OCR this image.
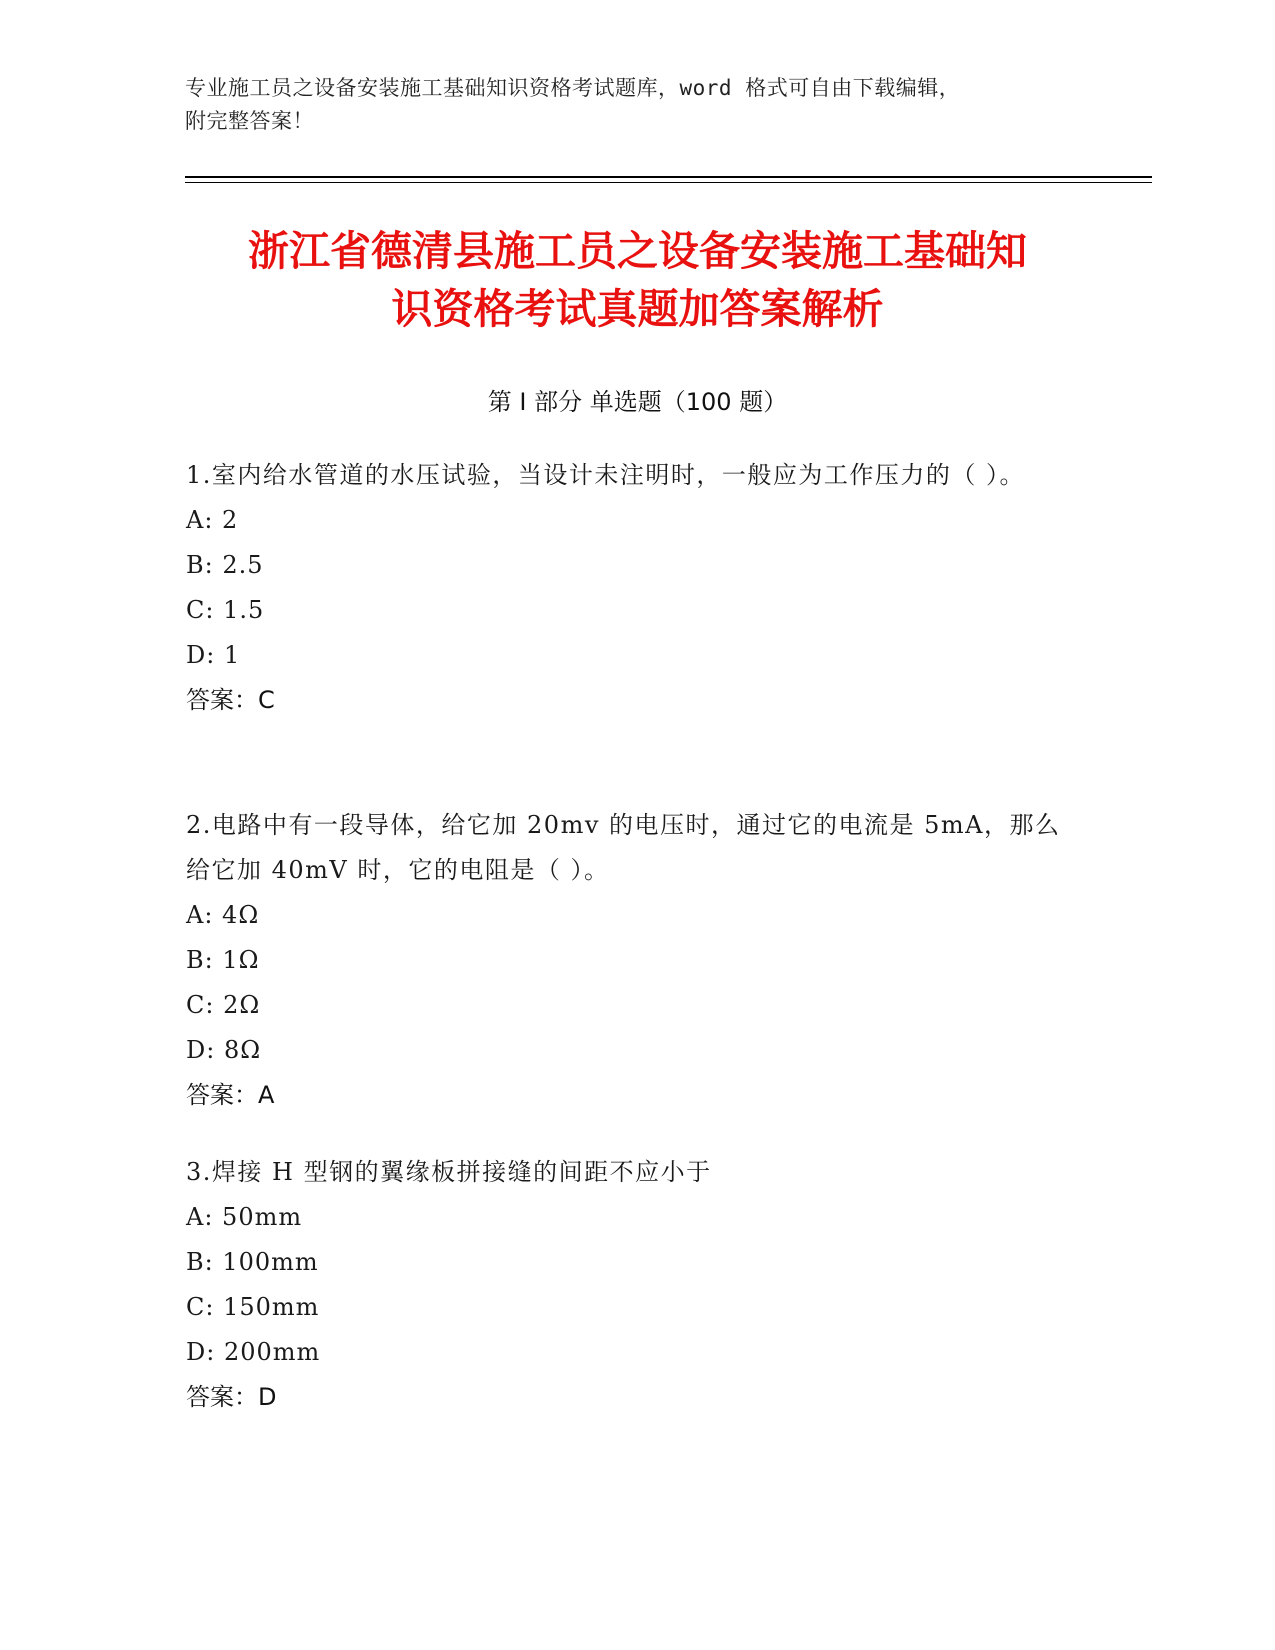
专业施工员之设备安装施工基础知识资格考试题库，word 格式可自由下载编辑，
附完整答案！
浙江省德清县施工员之设备安装施工基础知
识资格考试真题加答案解析
第 I 部分 单选题（100 题）
1.室内给水管道的水压试验，当设计未注明时，一般应为工作压力的（ ）。
A: 2
B: 2.5
C: 1.5
D: 1
答案：C
2.电路中有一段导体，给它加 20mv 的电压时，通过它的电流是 5mA，那么给它加 40mV 时，它的电阻是（ ）。
A: 4Ω
B: 1Ω
C: 2Ω
D: 8Ω
答案：A
3.焊接 H 型钢的翼缘板拼接缝的间距不应小于
A: 50mm
B: 100mm
C: 150mm
D: 200mm
答案：D
